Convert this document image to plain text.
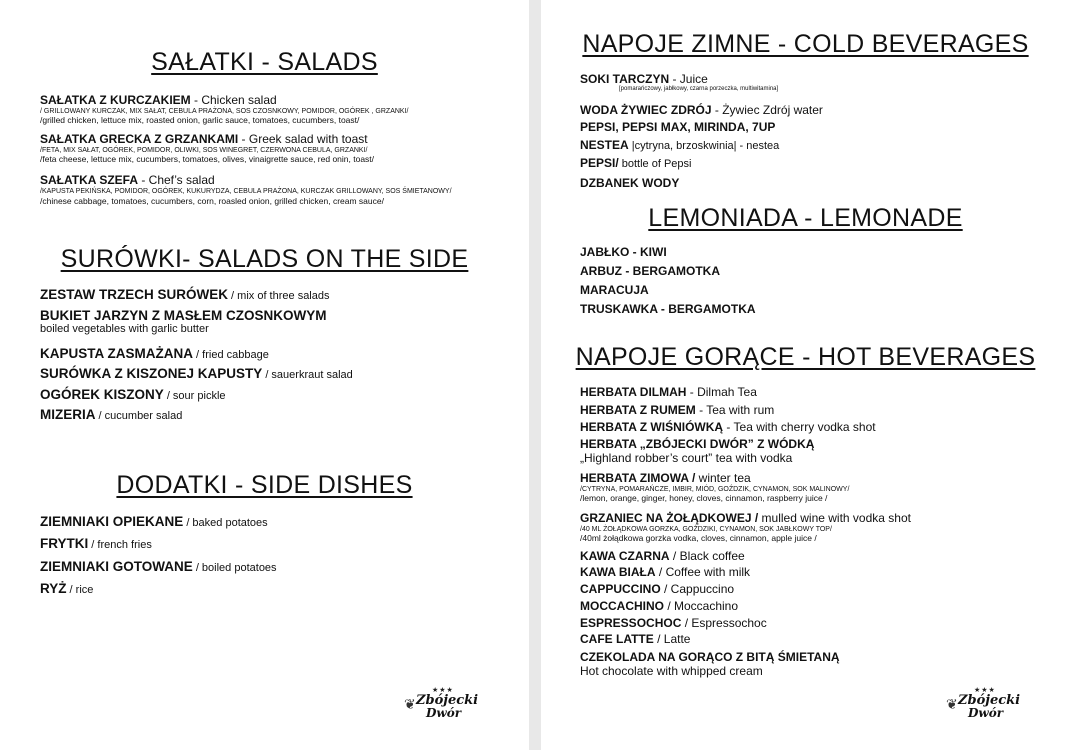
SAŁATKI - SALADS
SAŁATKA Z KURCZAKIEM - Chicken salad
/ GRILLOWANY KURCZAK, MIX SAŁAT, CEBULA PRAŻONA, SOS CZOSNKOWY, POMIDOR, OGÓREK , GRZANKI/
/grilled chicken, lettuce mix, roasted onion, garlic sauce, tomatoes, cucumbers, toast/
SAŁATKA GRECKA Z GRZANKAMI - Greek salad with toast
/FETA, MIX SAŁAT, OGÓREK, POMIDOR, OLIWKI, SOS WINEGRET, CZERWONA CEBULA, GRZANKI/
/feta cheese, lettuce mix, cucumbers, tomatoes, olives, vinaigrette sauce, red onin, toast/
SAŁATKA SZEFA - Chef’s salad
/KAPUSTA PEKIŃSKA, POMIDOR, OGÓREK, KUKURYDZA, CEBULA PRAŻONA, KURCZAK GRILLOWANY, SOS ŚMIETANOWY/
/chinese cabbage, tomatoes, cucumbers, corn, roasled onion, grilled chicken, cream sauce/
SURÓWKI- SALADS ON THE SIDE
ZESTAW TRZECH SURÓWEK / mix of three salads
BUKIET JARZYN Z MASŁEM CZOSNKOWYM
boiled vegetables with garlic butter
KAPUSTA ZASMAŻANA / fried cabbage
SURÓWKA Z KISZONEJ KAPUSTY / sauerkraut salad
OGÓREK KISZONY / sour pickle
MIZERIA / cucumber salad
DODATKI - SIDE DISHES
ZIEMNIAKI OPIEKANE / baked potatoes
FRYTKI / french fries
ZIEMNIAKI GOTOWANE / boiled potatoes
RYŻ / rice
❦
★★★
Zbójecki
Dwór
NAPOJE ZIMNE - COLD BEVERAGES
SOKI TARCZYN - Juice
[pomarańczowy, jabłkowy, czarna porzeczka, multiwitamina]
WODA ŻYWIEC ZDRÓJ - Żywiec Zdrój water
PEPSI, PEPSI MAX, MIRINDA, 7UP
NESTEA |cytryna, brzoskwinia| - nestea
PEPSI/ bottle of Pepsi
DZBANEK WODY
LEMONIADA - LEMONADE
JABŁKO - KIWI
ARBUZ - BERGAMOTKA
MARACUJA
TRUSKAWKA - BERGAMOTKA
NAPOJE GORĄCE - HOT BEVERAGES
HERBATA DILMAH - Dilmah Tea
HERBATA Z RUMEM - Tea with rum
HERBATA Z WIŚNIÓWKĄ - Tea with cherry vodka shot
HERBATA „ZBÓJECKI DWÓR” Z WÓDKĄ
„Highland robber’s court” tea with vodka
HERBATA ZIMOWA / winter tea
/CYTRYNA, POMARAŃCZE, IMBIR, MIÓD, GOŹDZIK, CYNAMON, SOK MALINOWY/
/lemon, orange, ginger, honey, cloves, cinnamon, raspberry juice /
GRZANIEC NA ŻOŁĄDKOWEJ / mulled wine with vodka shot
/40 ML ŻOŁĄDKOWA GORZKA, GOŹDZIKI, CYNAMON, SOK JABŁKOWY TOP/
/40ml żołądkowa gorzka vodka, cloves, cinnamon, apple juice /
KAWA CZARNA / Black coffee
KAWA BIAŁA / Coffee with milk
CAPPUCCINO / Cappuccino
MOCCACHINO / Moccachino
ESPRESSOCHOC / Espressochoc
CAFE LATTE / Latte
CZEKOLADA NA GORĄCO Z BITĄ ŚMIETANĄ
Hot chocolate with whipped cream
❦
★★★
Zbójecki
Dwór
